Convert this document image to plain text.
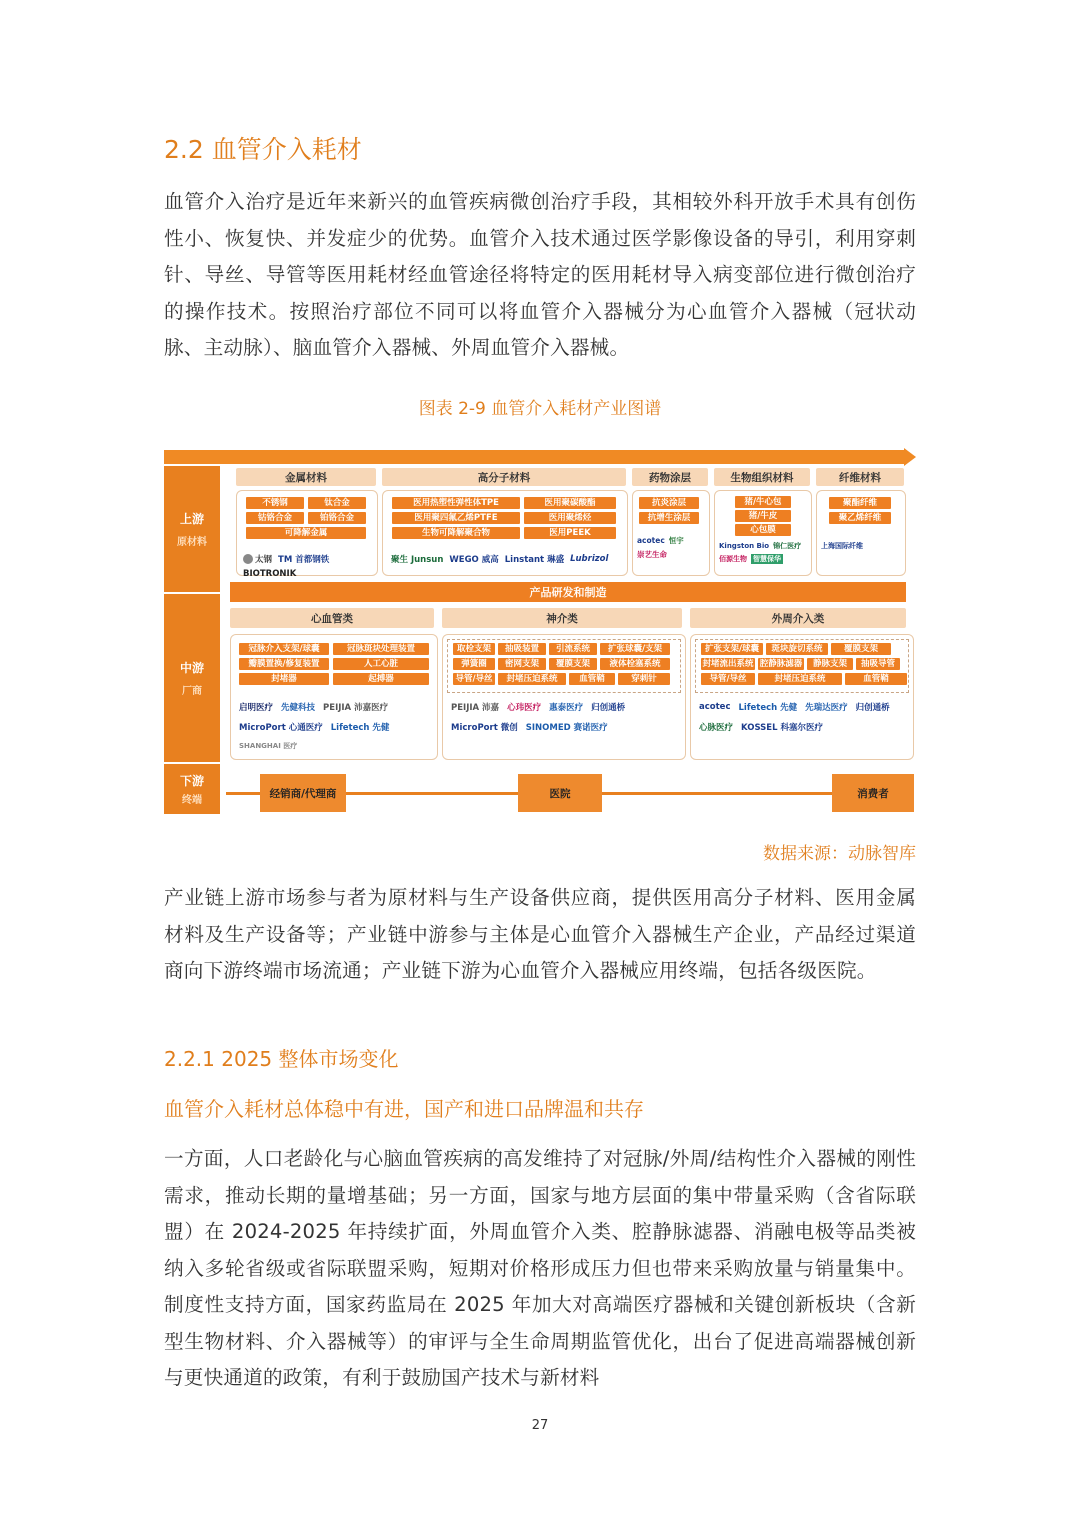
2.2 血管介入耗材

血管介入治疗是近年来新兴的血管疾病微创治疗手段，其相较外科开放手术具有创伤性小、恢复快、并发症少的优势。血管介入技术通过医学影像设备的导引，利用穿刺针、导丝、导管等医用耗材经血管途径将特定的医用耗材导入病变部位进行微创治疗的操作技术。按照治疗部位不同可以将血管介入器械分为心血管介入器械（冠状动脉、主动脉）、脑血管介入器械、外周血管介入器械。

图表 2-9 血管介入耗材产业图谱
上游
原材料
金属材料
不锈钢	钛合金
钴铬合金	铂铬合金
可降解金属
太钢 TM 首都钢铁
BIOTRONIK
高分子材料
医用热塑性弹性体TPE	医用聚碳酸酯
医用聚四氟乙烯PTFE	医用聚烯烃
生物可降解聚合物	医用PEEK
聚生 Junsun WEGO 威高 Linstant 琳盛 Lubrizol
药物涂层
抗炎涂层
抗增生涂层
acotec 恒宇
崇艺生命
生物组织材料
猪/牛心包
猪/牛皮
心包膜
Kingston Bio 锦仁医疗
佰源生物 智慧保华
纤维材料
聚酯纤维
聚乙烯纤维
上海国际纤维
产品研发和制造
中游
厂商
心血管类
冠脉介入支架/球囊	冠脉斑块处理装置
瓣膜置换/修复装置	人工心脏
封堵器	起搏器
启明医疗 先健科技 PEIJIA 沛嘉医疗
MicroPort 心通医疗 Lifetech 先健
SHANGHAI 医疗
神介类
取栓支架	抽吸装置	引流系统	扩张球囊/支架
弹簧圈	密网支架	覆膜支架	液体栓塞系统
导管/导丝	封堵压迫系统	血管鞘	穿刺针
PEIJIA 沛嘉 心玮医疗 惠泰医疗 归创通桥
MicroPort 微创 SINOMED 赛诺医疗
外周介入类
扩张支架/球囊	斑块旋切系统	覆膜支架
封堵流出系统 腔静脉滤器	静脉支架	抽吸导管
导管/导丝	封堵压迫系统	血管鞘
acotec Lifetech 先健 先瑞达医疗 归创通桥
心脉医疗 KOSSEL 科塞尔医疗
下游
终端
经销商/代理商	医院	消费者
数据来源：动脉智库

产业链上游市场参与者为原材料与生产设备供应商，提供医用高分子材料、医用金属材料及生产设备等；产业链中游参与主体是心血管介入器械生产企业，产品经过渠道商向下游终端市场流通；产业链下游为心血管介入器械应用终端，包括各级医院。

2.2.1 2025 整体市场变化
血管介入耗材总体稳中有进，国产和进口品牌温和共存

一方面，人口老龄化与心脑血管疾病的高发维持了对冠脉/外周/结构性介入器械的刚性需求，推动长期的量增基础；另一方面，国家与地方层面的集中带量采购（含省际联盟）在 2024-2025 年持续扩面，外周血管介入类、腔静脉滤器、消融电极等品类被纳入多轮省级或省际联盟采购，短期对价格形成压力但也带来采购放量与销量集中。制度性支持方面，国家药监局在 2025 年加大对高端医疗器械和关键创新板块（含新型生物材料、介入器械等）的审评与全生命周期监管优化，出台了促进高端器械创新与更快通道的政策，有利于鼓励国产技术与新材料

27
